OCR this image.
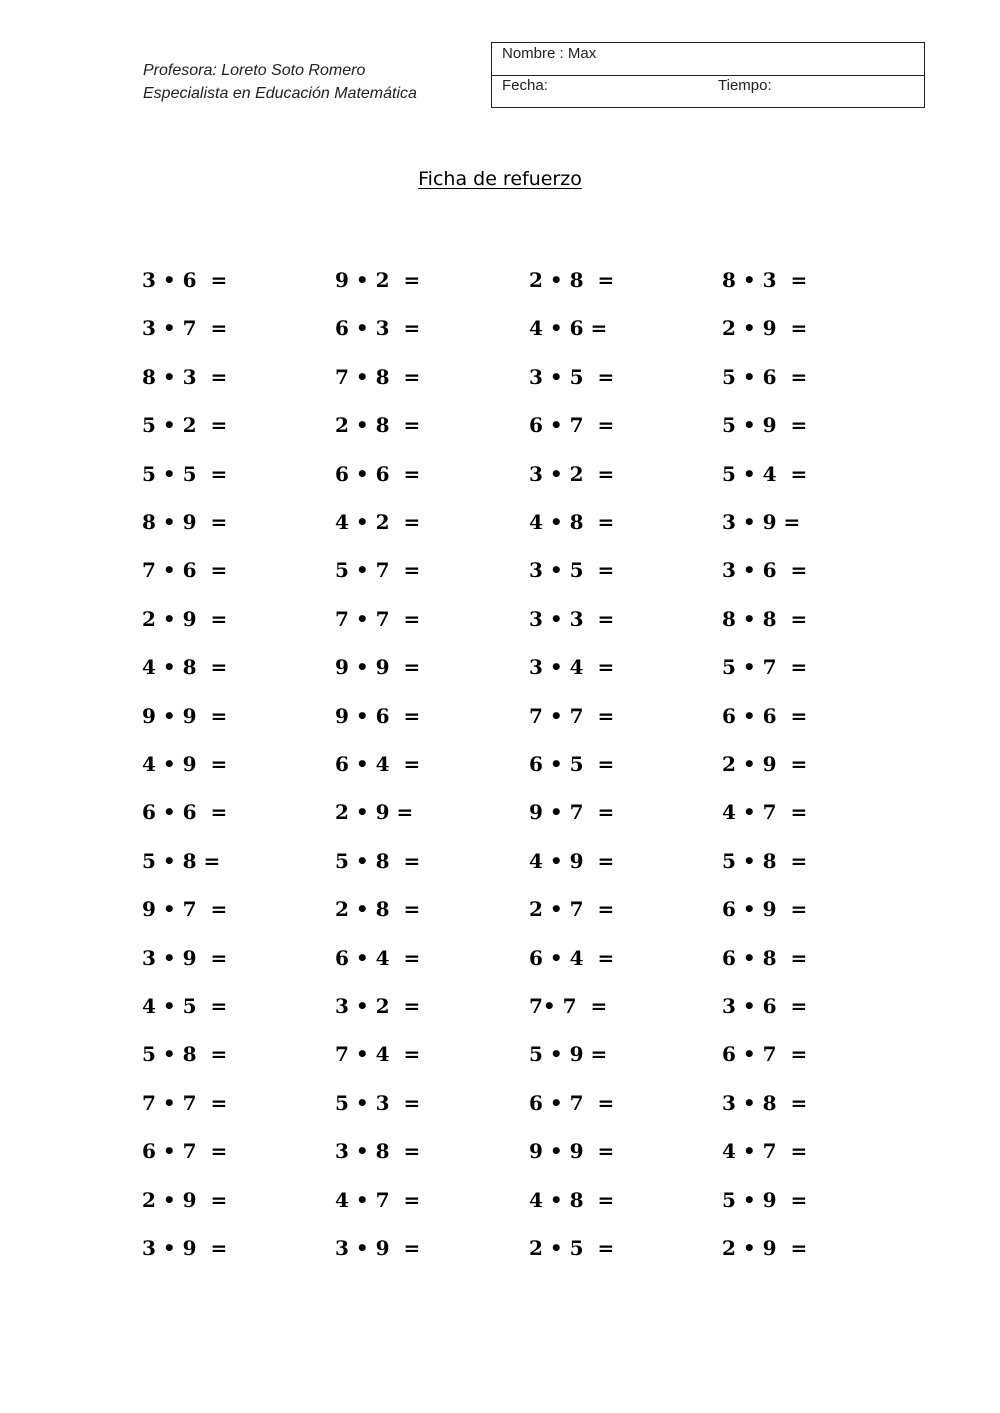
Profesora: Loreto Soto Romero
Especialista en Educación Matemática
Nombre : Max
Fecha:	Tiempo:
Ficha de refuerzo
3 • 6  =
3 • 7  =
8 • 3  =
5 • 2  =
5 • 5  =
8 • 9  =
7 • 6  =
2 • 9  =
4 • 8  =
9 • 9  =
4 • 9  =
6 • 6  =
5 • 8 =
9 • 7  =
3 • 9  =
4 • 5  =
5 • 8  =
7 • 7  =
6 • 7  =
2 • 9  =
3 • 9  =
9 • 2  =
6 • 3  =
7 • 8  =
2 • 8  =
6 • 6  =
4 • 2  =
5 • 7  =
7 • 7  =
9 • 9  =
9 • 6  =
6 • 4  =
2 • 9 =
5 • 8  =
2 • 8  =
6 • 4  =
3 • 2  =
7 • 4  =
5 • 3  =
3 • 8  =
4 • 7  =
3 • 9  =
2 • 8  =
4 • 6 =
3 • 5  =
6 • 7  =
3 • 2  =
4 • 8  =
3 • 5  =
3 • 3  =
3 • 4  =
7 • 7  =
6 • 5  =
9 • 7  =
4 • 9  =
2 • 7  =
6 • 4  =
7• 7  =
5 • 9 =
6 • 7  =
9 • 9  =
4 • 8  =
2 • 5  =
8 • 3  =
2 • 9  =
5 • 6  =
5 • 9  =
5 • 4  =
3 • 9 =
3 • 6  =
8 • 8  =
5 • 7  =
6 • 6  =
2 • 9  =
4 • 7  =
5 • 8  =
6 • 9  =
6 • 8  =
3 • 6  =
6 • 7  =
3 • 8  =
4 • 7  =
5 • 9  =
2 • 9  =
